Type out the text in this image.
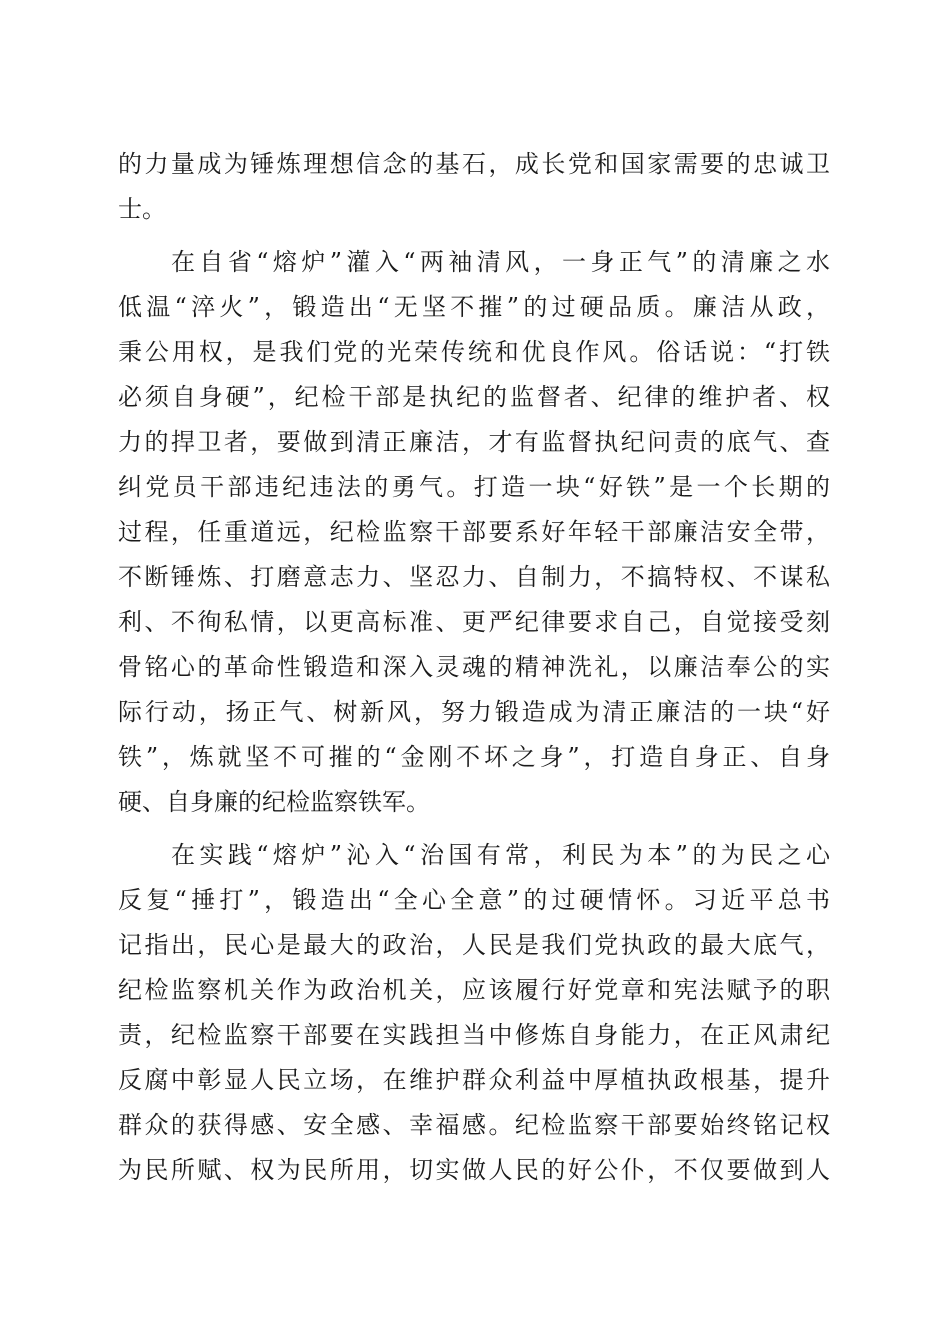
的力量成为锤炼理想信念的基石，成长党和国家需要的忠诚卫
士。
在自省“熔炉”灌入“两袖清风，一身正气”的清廉之水
低温“淬火”，锻造出“无坚不摧”的过硬品质。廉洁从政，
秉公用权，是我们党的光荣传统和优良作风。俗话说：“打铁
必须自身硬”，纪检干部是执纪的监督者、纪律的维护者、权
力的捍卫者，要做到清正廉洁，才有监督执纪问责的底气、查
纠党员干部违纪违法的勇气。打造一块“好铁”是一个长期的
过程，任重道远，纪检监察干部要系好年轻干部廉洁安全带，
不断锤炼、打磨意志力、坚忍力、自制力，不搞特权、不谋私
利、不徇私情，以更高标准、更严纪律要求自己，自觉接受刻
骨铭心的革命性锻造和深入灵魂的精神洗礼，以廉洁奉公的实
际行动，扬正气、树新风，努力锻造成为清正廉洁的一块“好
铁”，炼就坚不可摧的“金刚不坏之身”，打造自身正、自身
硬、自身廉的纪检监察铁军。
在实践“熔炉”沁入“治国有常，利民为本”的为民之心
反复“捶打”，锻造出“全心全意”的过硬情怀。习近平总书
记指出，民心是最大的政治，人民是我们党执政的最大底气，
纪检监察机关作为政治机关，应该履行好党章和宪法赋予的职
责，纪检监察干部要在实践担当中修炼自身能力，在正风肃纪
反腐中彰显人民立场，在维护群众利益中厚植执政根基，提升
群众的获得感、安全感、幸福感。纪检监察干部要始终铭记权
为民所赋、权为民所用，切实做人民的好公仆，不仅要做到人
